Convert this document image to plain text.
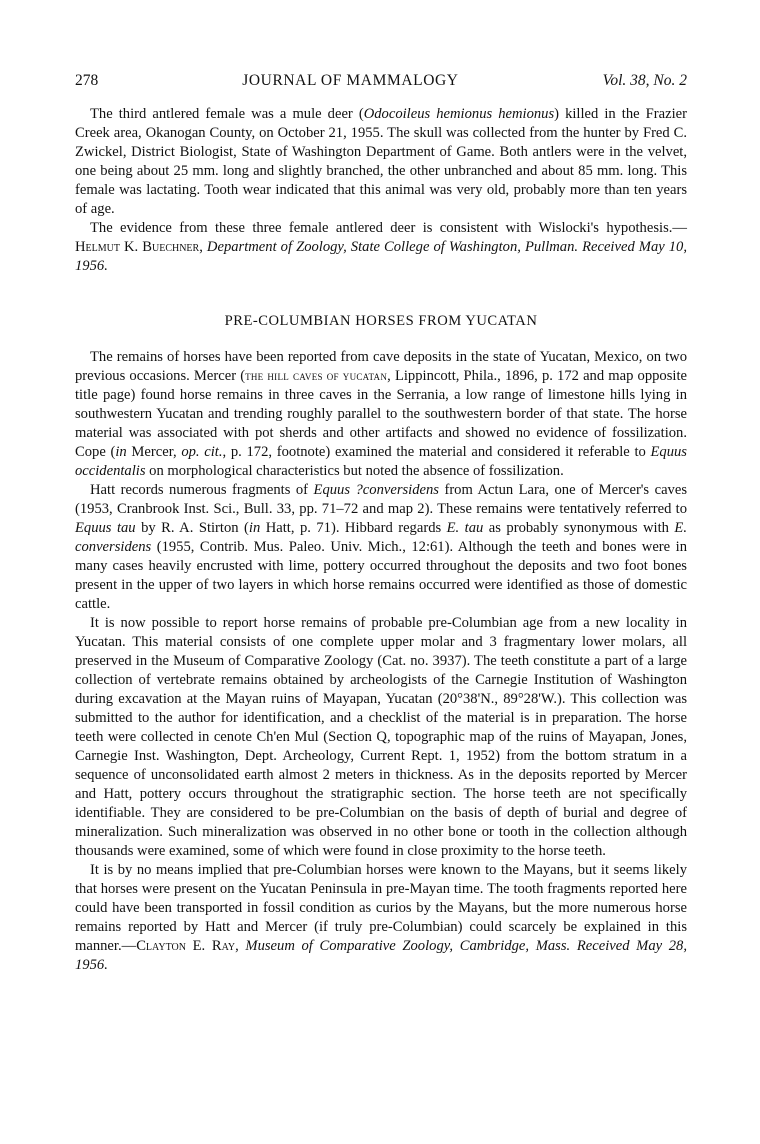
278	JOURNAL OF MAMMALOGY	Vol. 38, No. 2

The third antlered female was a mule deer (Odocoileus hemionus hemionus) killed in the Frazier Creek area, Okanogan County, on October 21, 1955. The skull was collected from the hunter by Fred C. Zwickel, District Biologist, State of Washington Department of Game. Both antlers were in the velvet, one being about 25 mm. long and slightly branched, the other unbranched and about 85 mm. long. This female was lactating. Tooth wear indicated that this animal was very old, probably more than ten years of age.

The evidence from these three female antlered deer is consistent with Wislocki's hypothesis.—Helmut K. Buechner, Department of Zoology, State College of Washington, Pullman. Received May 10, 1956.

PRE-COLUMBIAN HORSES FROM YUCATAN

The remains of horses have been reported from cave deposits in the state of Yucatan, Mexico, on two previous occasions. Mercer (the hill caves of yucatan, Lippincott, Phila., 1896, p. 172 and map opposite title page) found horse remains in three caves in the Serrania, a low range of limestone hills lying in southwestern Yucatan and trending roughly parallel to the southwestern border of that state. The horse material was associated with pot sherds and other artifacts and showed no evidence of fossilization. Cope (in Mercer, op. cit., p. 172, footnote) examined the material and considered it referable to Equus occidentalis on morphological characteristics but noted the absence of fossilization.

Hatt records numerous fragments of Equus ?conversidens from Actun Lara, one of Mercer's caves (1953, Cranbrook Inst. Sci., Bull. 33, pp. 71–72 and map 2). These remains were tentatively referred to Equus tau by R. A. Stirton (in Hatt, p. 71). Hibbard regards E. tau as probably synonymous with E. conversidens (1955, Contrib. Mus. Paleo. Univ. Mich., 12:61). Although the teeth and bones were in many cases heavily encrusted with lime, pottery occurred throughout the deposits and two foot bones present in the upper of two layers in which horse remains occurred were identified as those of domestic cattle.

It is now possible to report horse remains of probable pre-Columbian age from a new locality in Yucatan. This material consists of one complete upper molar and 3 fragmentary lower molars, all preserved in the Museum of Comparative Zoology (Cat. no. 3937). The teeth constitute a part of a large collection of vertebrate remains obtained by archeologists of the Carnegie Institution of Washington during excavation at the Mayan ruins of Mayapan, Yucatan (20°38'N., 89°28'W.). This collection was submitted to the author for identification, and a checklist of the material is in preparation. The horse teeth were collected in cenote Ch'en Mul (Section Q, topographic map of the ruins of Mayapan, Jones, Carnegie Inst. Washington, Dept. Archeology, Current Rept. 1, 1952) from the bottom stratum in a sequence of unconsolidated earth almost 2 meters in thickness. As in the deposits reported by Mercer and Hatt, pottery occurs throughout the stratigraphic section. The horse teeth are not specifically identifiable. They are considered to be pre-Columbian on the basis of depth of burial and degree of mineralization. Such mineralization was observed in no other bone or tooth in the collection although thousands were examined, some of which were found in close proximity to the horse teeth.

It is by no means implied that pre-Columbian horses were known to the Mayans, but it seems likely that horses were present on the Yucatan Peninsula in pre-Mayan time. The tooth fragments reported here could have been transported in fossil condition as curios by the Mayans, but the more numerous horse remains reported by Hatt and Mercer (if truly pre-Columbian) could scarcely be explained in this manner.—Clayton E. Ray, Museum of Comparative Zoology, Cambridge, Mass. Received May 28, 1956.
